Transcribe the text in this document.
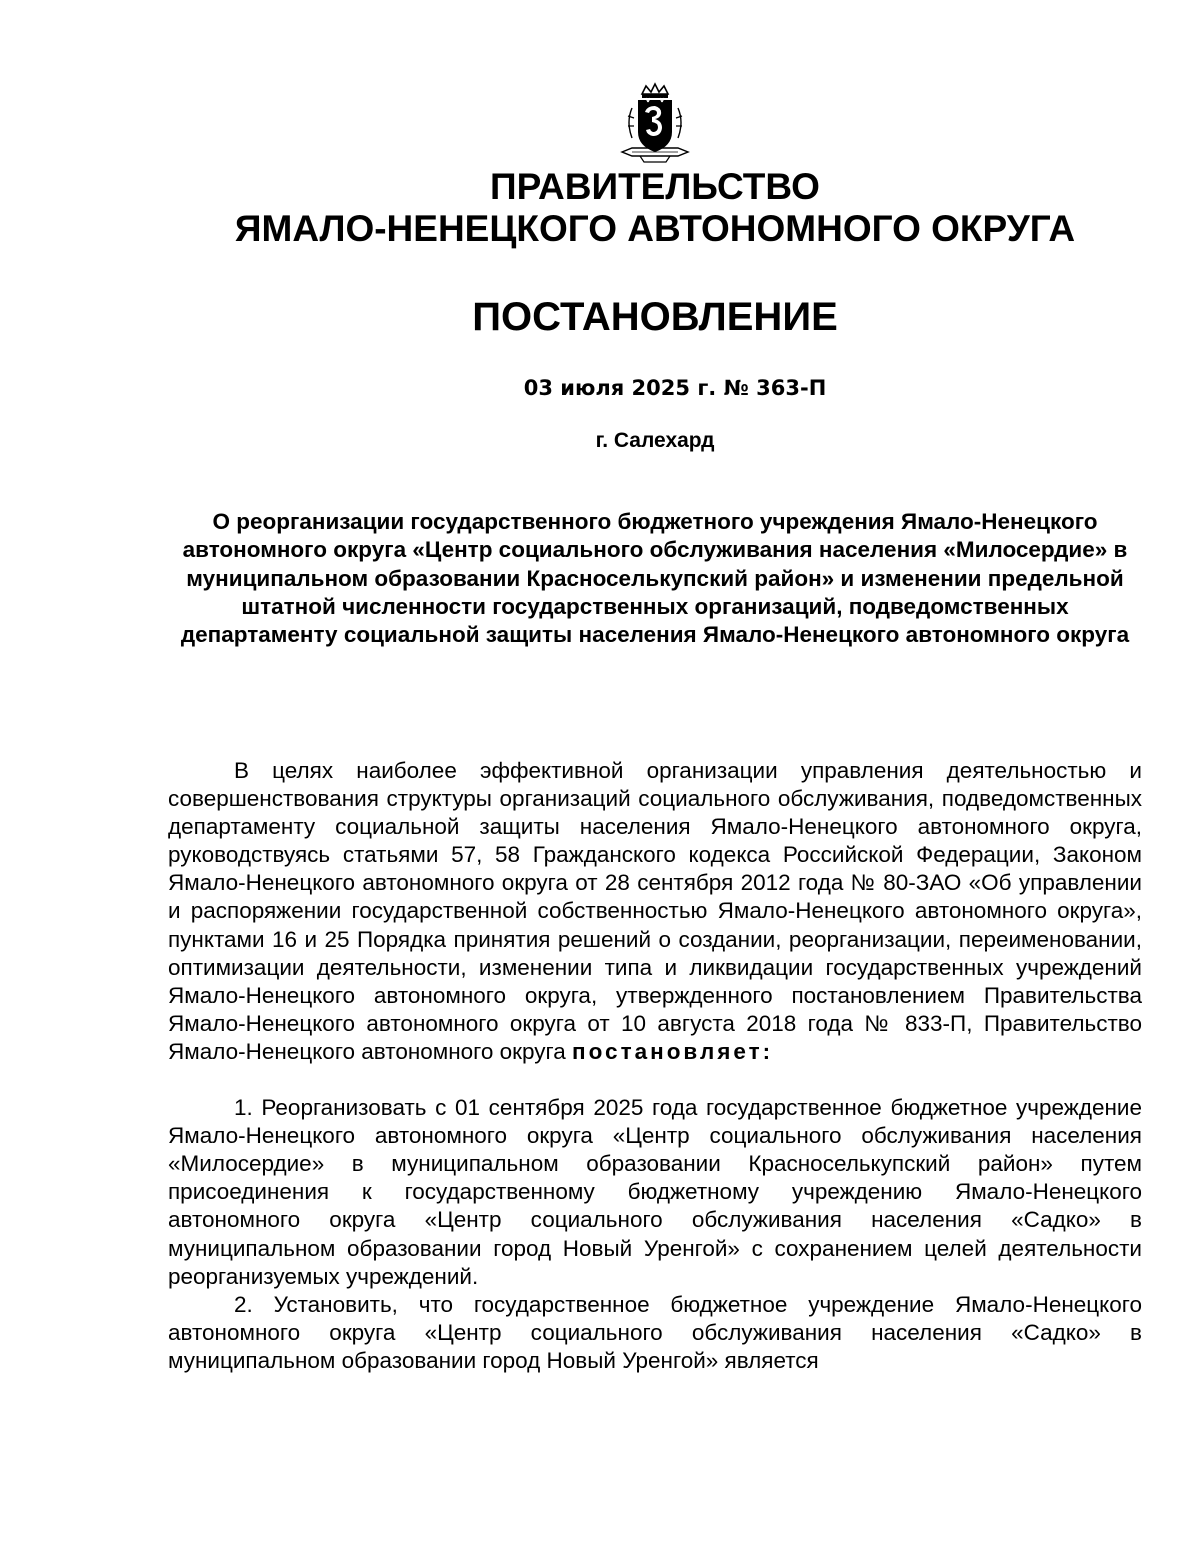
ПРАВИТЕЛЬСТВО
ЯМАЛО-НЕНЕЦКОГО АВТОНОМНОГО ОКРУГА
ПОСТАНОВЛЕНИЕ
03 июля 2025 г. № 363-П
г. Салехард
О реорганизации государственного бюджетного учреждения Ямало-Ненецкого автономного округа «Центр социального обслуживания населения «Милосердие» в муниципальном образовании Красноселькупский район» и изменении предельной штатной численности государственных организаций, подведомственных департаменту социальной защиты населения Ямало-Ненецкого автономного округа

В целях наиболее эффективной организации управления деятельностью и совершенствования структуры организаций социального обслуживания, подведомственных департаменту социальной защиты населения Ямало-Ненецкого автономного округа, руководствуясь статьями 57, 58 Гражданского кодекса Российской Федерации, Законом Ямало-Ненецкого автономного округа от 28 сентября 2012 года № 80-ЗАО «Об управлении и распоряжении государственной собственностью Ямало-Ненецкого автономного округа», пунктами 16 и 25 Порядка принятия решений о создании, реорганизации, переименовании, оптимизации деятельности, изменении типа и ликвидации государственных учреждений Ямало-Ненецкого автономного округа, утвержденного постановлением Правительства Ямало-Ненецкого автономного округа от 10 августа 2018 года № 833-П, Правительство Ямало-Ненецкого автономного округа постановляет:

1. Реорганизовать с 01 сентября 2025 года государственное бюджетное учреждение Ямало-Ненецкого автономного округа «Центр социального обслуживания населения «Милосердие» в муниципальном образовании Красноселькупский район» путем присоединения к государственному бюджетному учреждению Ямало-Ненецкого автономного округа «Центр социального обслуживания населения «Садко» в муниципальном образовании город Новый Уренгой» с сохранением целей деятельности реорганизуемых учреждений.

2. Установить, что государственное бюджетное учреждение Ямало-Ненецкого автономного округа «Центр социального обслуживания населения «Садко» в муниципальном образовании город Новый Уренгой» является
